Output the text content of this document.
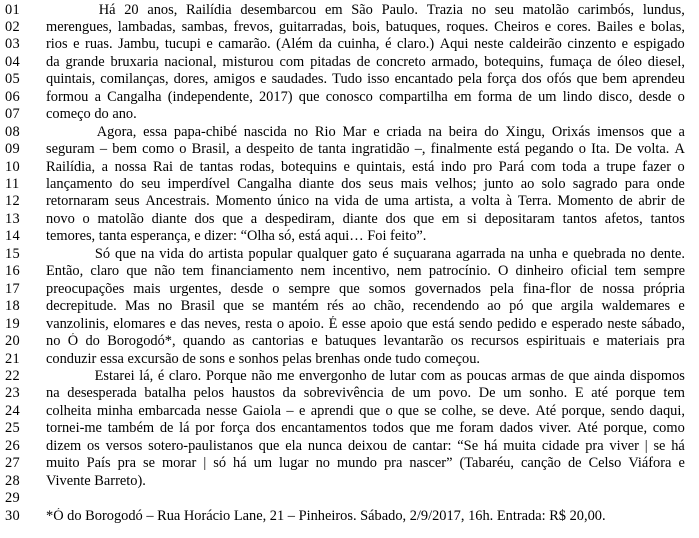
01	Há 20 anos, Railídia desembarcou em São Paulo. Trazia no seu matolão carimbós, lundus,
02	merengues, lambadas, sambas, frevos, guitarradas, bois, batuques, roques. Cheiros e cores. Bailes e bolas,
03	rios e ruas. Jambu, tucupi e camarão. (Além da cuinha, é claro.) Aqui neste caldeirão cinzento e espigado
04	da grande bruxaria nacional, misturou com pitadas de concreto armado, botequins, fumaça de óleo diesel,
05	quintais, comilanças, dores, amigos e saudades. Tudo isso encantado pela força dos ofós que bem aprendeu
06	formou a Cangalha (independente, 2017) que conosco compartilha em forma de um lindo disco, desde o
07	começo do ano.
08	Agora, essa papa-chibé nascida no Rio Mar e criada na beira do Xingu, Orixás imensos que a
09	seguram – bem como o Brasil, a despeito de tanta ingratidão –, finalmente está pegando o Ita. De volta. A
10	Railídia, a nossa Rai de tantas rodas, botequins e quintais, está indo pro Pará com toda a trupe fazer o
11	lançamento do seu imperdível Cangalha diante dos seus mais velhos; junto ao solo sagrado para onde
12	retornaram seus Ancestrais. Momento único na vida de uma artista, a volta à Terra. Momento de abrir de
13	novo o matolão diante dos que a despediram, diante dos que em si depositaram tantos afetos, tantos
14	temores, tanta esperança, e dizer: “Olha só, está aqui… Foi feito”.
15	Só que na vida do artista popular qualquer gato é suçuarana agarrada na unha e quebrada no dente.
16	Então, claro que não tem financiamento nem incentivo, nem patrocínio. O dinheiro oficial tem sempre
17	preocupações mais urgentes, desde o sempre que somos governados pela fina-flor de nossa própria
18	decrepitude. Mas no Brasil que se mantém rés ao chão, recendendo ao pó que argila waldemares e
19	vanzolinis, elomares e das neves, resta o apoio. É esse apoio que está sendo pedido e esperado neste sábado,
20	no Ó do Borogodó*, quando as cantorias e batuques levantarão os recursos espirituais e materiais pra
21	conduzir essa excursão de sons e sonhos pelas brenhas onde tudo começou.
22	Estarei lá, é claro. Porque não me envergonho de lutar com as poucas armas de que ainda dispomos
23	na desesperada batalha pelos haustos da sobrevivência de um povo. De um sonho. E até porque tem
24	colheita minha embarcada nesse Gaiola – e aprendi que o que se colhe, se deve. Até porque, sendo daqui,
25	tornei-me também de lá por força dos encantamentos todos que me foram dados viver. Até porque, como
26	dizem os versos sotero-paulistanos que ela nunca deixou de cantar: “Se há muita cidade pra viver | se há
27	muito País pra se morar | só há um lugar no mundo pra nascer” (Tabaréu, canção de Celso Viáfora e
28	Vivente Barreto).
29
30	*Ó do Borogodó – Rua Horácio Lane, 21 – Pinheiros. Sábado, 2/9/2017, 16h. Entrada: R$ 20,00.
